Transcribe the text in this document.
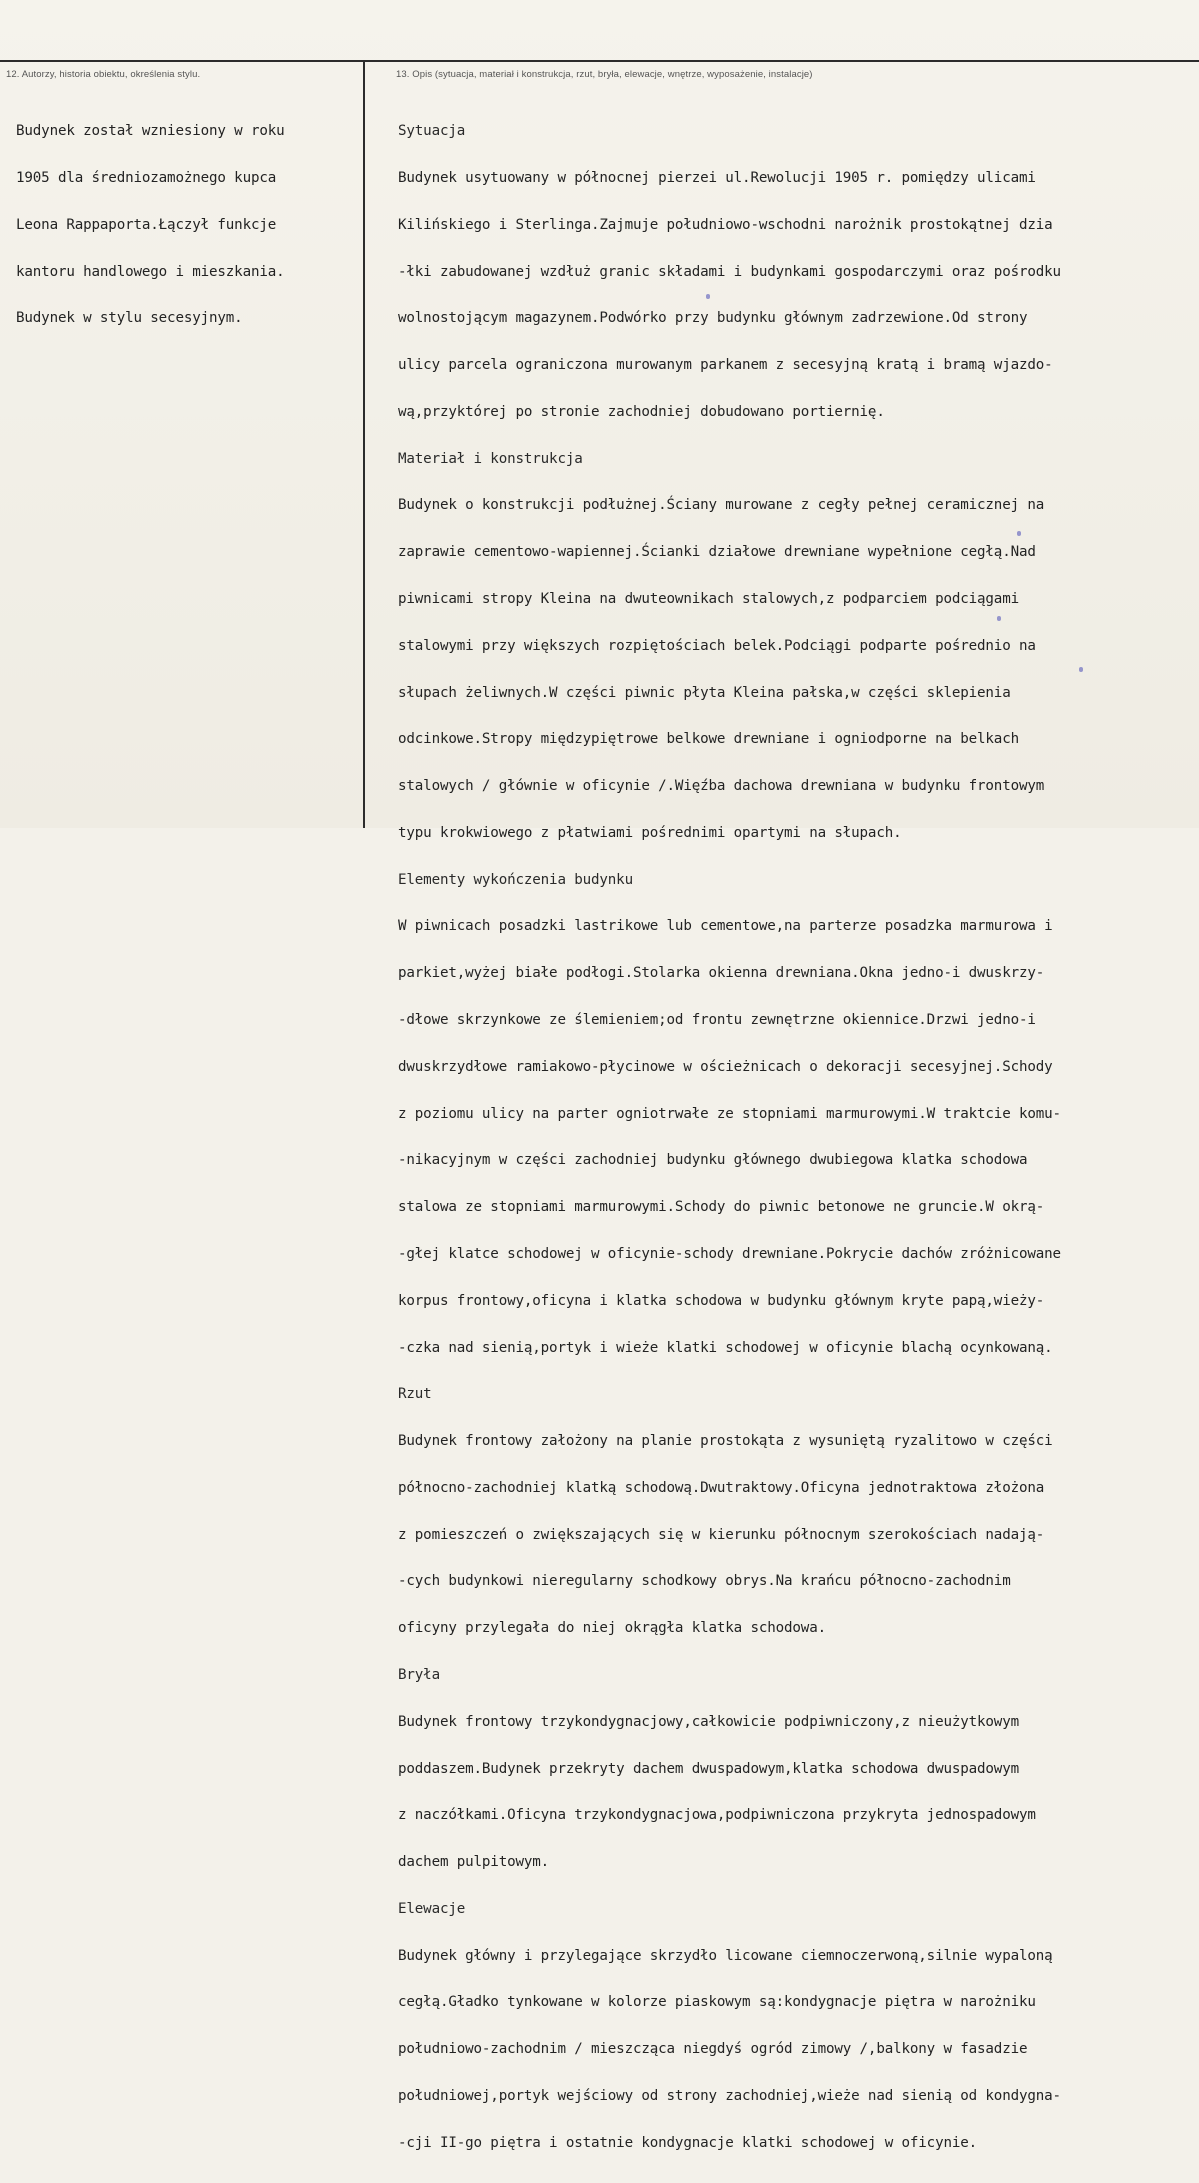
12. Autorzy, historia obiektu, określenia stylu.	13. Opis (sytuacja, materiał i konstrukcja, rzut, bryła, elewacje, wnętrze, wyposażenie, instalacje)

Budynek został wzniesiony w roku

1905 dla średniozamożnego kupca

Leona Rappaporta.Łączył funkcje

kantoru handlowego i mieszkania.

Budynek w stylu secesyjnym.

Sytuacja

Budynek usytuowany w północnej pierzei ul.Rewolucji 1905 r. pomiędzy ulicami

Kilińskiego i Sterlinga.Zajmuje południowo-wschodni narożnik prostokątnej dzia

-łki zabudowanej wzdłuż granic składami i budynkami gospodarczymi oraz pośrodku

wolnostojącym magazynem.Podwórko przy budynku głównym zadrzewione.Od strony

ulicy parcela ograniczona murowanym parkanem z secesyjną kratą i bramą wjazdo-

wą,przyktórej po stronie zachodniej dobudowano portiernię.

Materiał i konstrukcja

Budynek o konstrukcji podłużnej.Ściany murowane z cegły pełnej ceramicznej na

zaprawie cementowo-wapiennej.Ścianki działowe drewniane wypełnione cegłą.Nad

piwnicami stropy Kleina na dwuteownikach stalowych,z podparciem podciągami

stalowymi przy większych rozpiętościach belek.Podciągi podparte pośrednio na

słupach żeliwnych.W części piwnic płyta Kleina pałska,w części sklepienia

odcinkowe.Stropy międzypiętrowe belkowe drewniane i ogniodporne na belkach

stalowych / głównie w oficynie /.Więźba dachowa drewniana w budynku frontowym

typu krokwiowego z płatwiami pośrednimi opartymi na słupach.

Elementy wykończenia budynku

W piwnicach posadzki lastrikowe lub cementowe,na parterze posadzka marmurowa i

parkiet,wyżej białe podłogi.Stolarka okienna drewniana.Okna jedno-i dwuskrzy-

-dłowe skrzynkowe ze ślemieniem;od frontu zewnętrzne okiennice.Drzwi jedno-i

dwuskrzydłowe ramiakowo-płycinowe w ościeżnicach o dekoracji secesyjnej.Schody

z poziomu ulicy na parter ogniotrwałe ze stopniami marmurowymi.W traktcie komu-

-nikacyjnym w części zachodniej budynku głównego dwubiegowa klatka schodowa

stalowa ze stopniami marmurowymi.Schody do piwnic betonowe ne gruncie.W okrą-

-głej klatce schodowej w oficynie-schody drewniane.Pokrycie dachów zróżnicowane

korpus frontowy,oficyna i klatka schodowa w budynku głównym kryte papą,wieży-

-czka nad sienią,portyk i wieże klatki schodowej w oficynie blachą ocynkowaną.

Rzut

Budynek frontowy założony na planie prostokąta z wysuniętą ryzalitowo w części

północno-zachodniej klatką schodową.Dwutraktowy.Oficyna jednotraktowa złożona

z pomieszczeń o zwiększających się w kierunku północnym szerokościach nadają-

-cych budynkowi nieregularny schodkowy obrys.Na krańcu północno-zachodnim

oficyny przylegała do niej okrągła klatka schodowa.

Bryła

Budynek frontowy trzykondygnacjowy,całkowicie podpiwniczony,z nieużytkowym

poddaszem.Budynek przekryty dachem dwuspadowym,klatka schodowa dwuspadowym

z naczółkami.Oficyna trzykondygnacjowa,podpiwniczona przykryta jednospadowym

dachem pulpitowym.

Elewacje

Budynek główny i przylegające skrzydło licowane ciemnoczerwoną,silnie wypaloną

cegłą.Gładko tynkowane w kolorze piaskowym są:kondygnacje piętra w narożniku

południowo-zachodnim / mieszcząca niegdyś ogród zimowy /,balkony w fasadzie

południowej,portyk wejściowy od strony zachodniej,wieże nad sienią od kondygna-

-cji II-go piętra i ostatnie kondygnacje klatki schodowej w oficynie.
